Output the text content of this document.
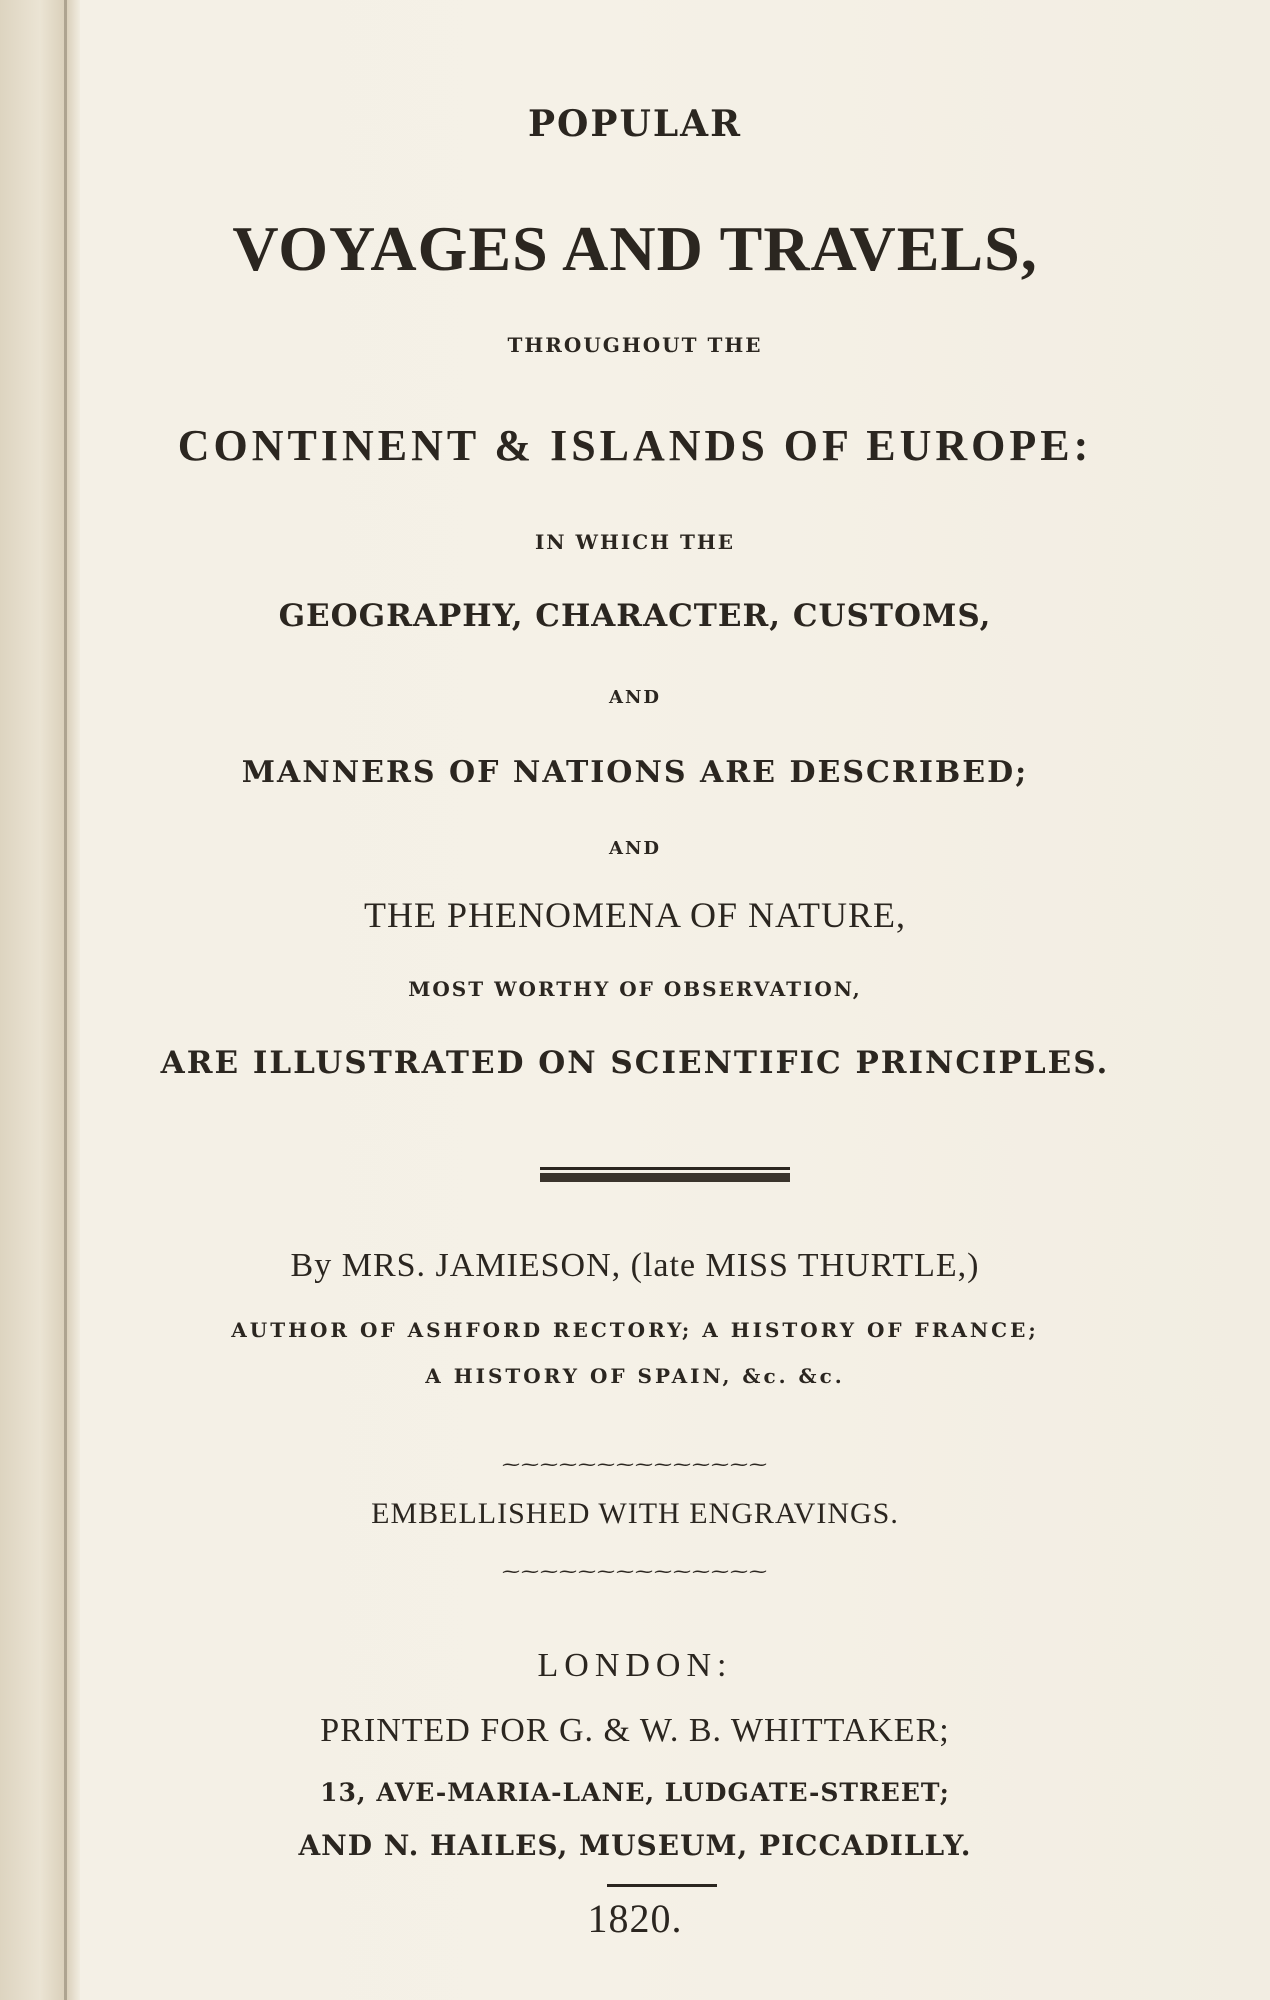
POPULAR
VOYAGES AND TRAVELS,
THROUGHOUT THE
CONTINENT & ISLANDS OF EUROPE:
IN WHICH THE
GEOGRAPHY, CHARACTER, CUSTOMS,
AND
MANNERS OF NATIONS ARE DESCRIBED;
AND
THE PHENOMENA OF NATURE,
MOST WORTHY OF OBSERVATION,
ARE ILLUSTRATED ON SCIENTIFIC PRINCIPLES.
By MRS. JAMIESON, (late MISS THURTLE,)
AUTHOR OF ASHFORD RECTORY; A HISTORY OF FRANCE;
A HISTORY OF SPAIN, &c. &c.
⁓⁓⁓⁓⁓⁓⁓⁓⁓⁓⁓⁓⁓⁓
EMBELLISHED WITH ENGRAVINGS.
⁓⁓⁓⁓⁓⁓⁓⁓⁓⁓⁓⁓⁓⁓
LONDON:
PRINTED FOR G. & W. B. WHITTAKER;
13, AVE-MARIA-LANE, LUDGATE-STREET;
AND N. HAILES, MUSEUM, PICCADILLY.
1820.
